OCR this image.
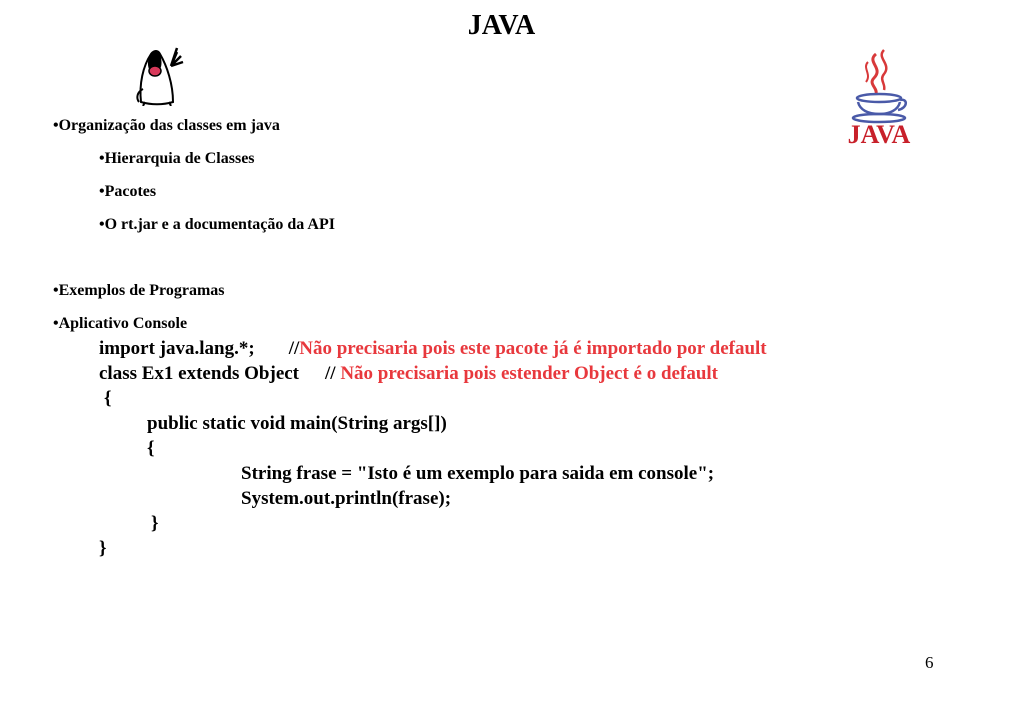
JAVA
JAVA
•Organização das classes em java
•Hierarquia de Classes
•Pacotes
•O rt.jar e a documentação da API
•Exemplos de Programas
•Aplicativo Console
import java.lang.*; //Não precisaria pois este pacote já é importado por default
class Ex1 extends Object // Não precisaria pois estender Object é o default
{
public static void main(String args[])
{
String frase = "Isto é um exemplo para saida em console";
System.out.println(frase);
}
}
6
